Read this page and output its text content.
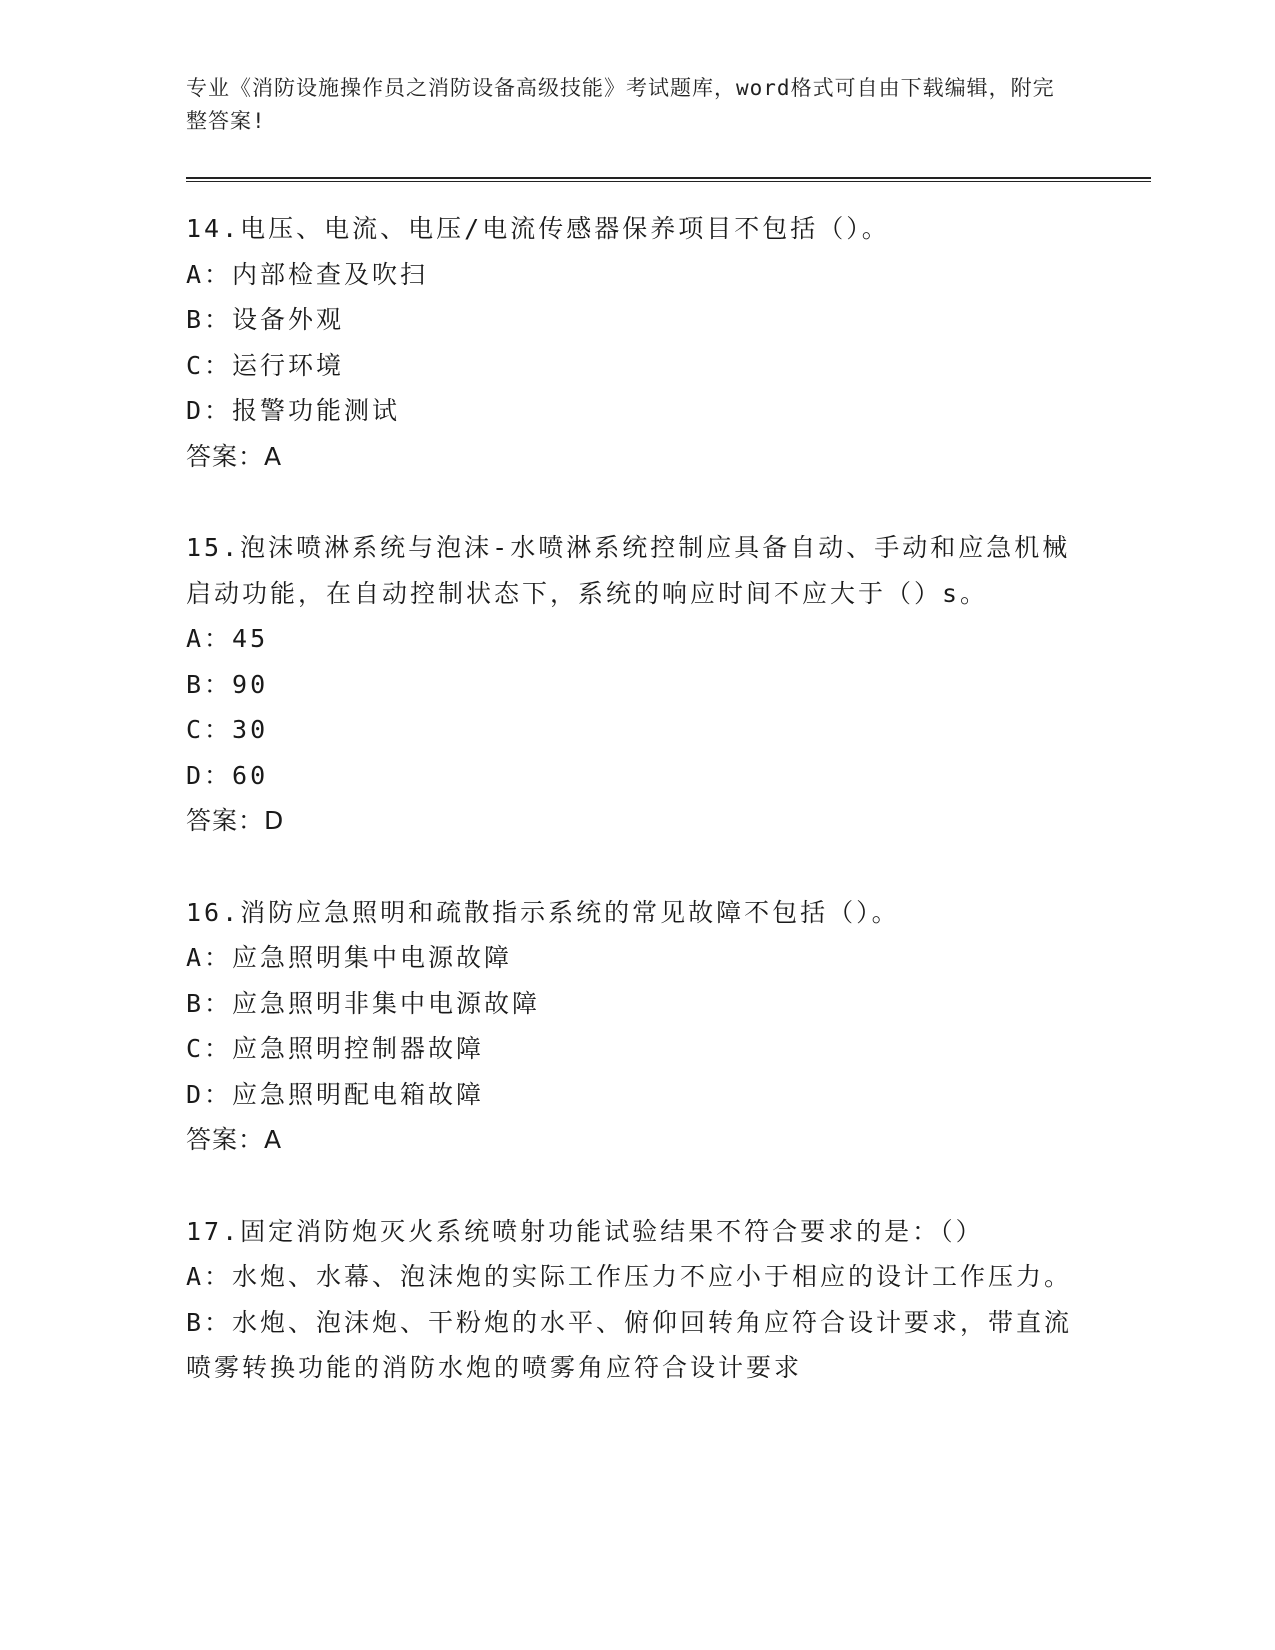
专业《消防设施操作员之消防设备高级技能》考试题库，word格式可自由下载编辑，附完整答案!
14.电压、电流、电压/电流传感器保养项目不包括（）。
A：内部检查及吹扫
B：设备外观
C：运行环境
D：报警功能测试
答案：A
15.泡沫喷淋系统与泡沫-水喷淋系统控制应具备自动、手动和应急机械启动功能，在自动控制状态下，系统的响应时间不应大于（）s。
A：45
B：90
C：30
D：60
答案：D
16.消防应急照明和疏散指示系统的常见故障不包括（）。
A：应急照明集中电源故障
B：应急照明非集中电源故障
C：应急照明控制器故障
D：应急照明配电箱故障
答案：A
17.固定消防炮灭火系统喷射功能试验结果不符合要求的是：（）
A：水炮、水幕、泡沫炮的实际工作压力不应小于相应的设计工作压力。
B：水炮、泡沫炮、干粉炮的水平、俯仰回转角应符合设计要求，带直流喷雾转换功能的消防水炮的喷雾角应符合设计要求
